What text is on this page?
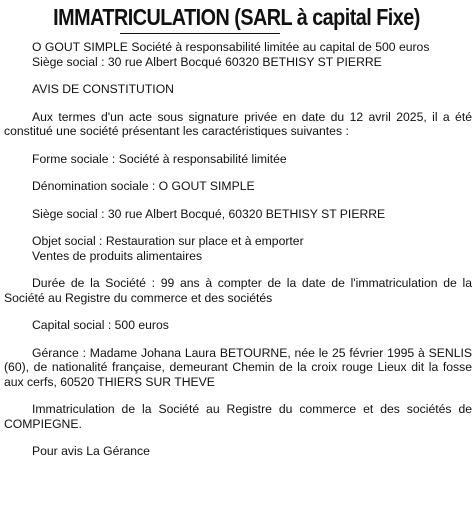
IMMATRICULATION (SARL à capital Fixe)

O GOUT SIMPLE Société à responsabilité limitée au capital de 500 euros
Siège social : 30 rue Albert Bocqué 60320 BETHISY ST PIERRE

AVIS DE CONSTITUTION

Aux termes d'un acte sous signature privée en date du 12 avril 2025, il a été constitué une société présentant les caractéristiques suivantes :

Forme sociale : Société à responsabilité limitée

Dénomination sociale : O GOUT SIMPLE

Siège social : 30 rue Albert Bocqué, 60320 BETHISY ST PIERRE

Objet social : Restauration sur place et à emporter
Ventes de produits alimentaires

Durée de la Société : 99 ans à compter de la date de l'immatriculation de la Société au Registre du commerce et des sociétés

Capital social : 500 euros

Gérance : Madame Johana Laura BETOURNE, née le 25 février 1995 à SENLIS (60), de nationalité française, demeurant Chemin de la croix rouge Lieux dit la fosse aux cerfs, 60520 THIERS SUR THEVE

Immatriculation de la Société au Registre du commerce et des sociétés de COMPIEGNE.

Pour avis La Gérance
